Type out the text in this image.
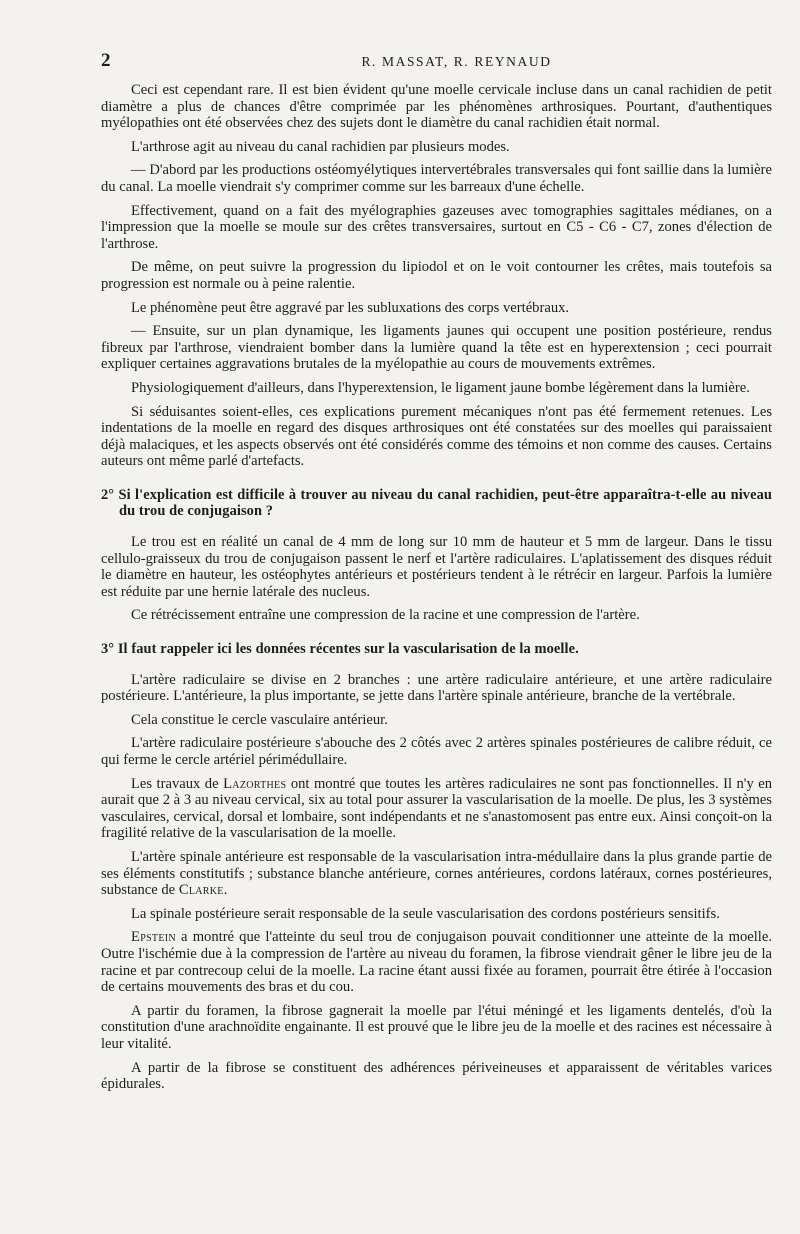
2	R. MASSAT, R. REYNAUD

Ceci est cependant rare. Il est bien évident qu'une moelle cervicale incluse dans un canal rachidien de petit diamètre a plus de chances d'être comprimée par les phénomènes arthrosiques. Pourtant, d'authentiques myélopathies ont été observées chez des sujets dont le diamètre du canal rachidien était normal.

L'arthrose agit au niveau du canal rachidien par plusieurs modes.

— D'abord par les productions ostéomyélytiques intervertébrales transversales qui font saillie dans la lumière du canal. La moelle viendrait s'y comprimer comme sur les barreaux d'une échelle.

Effectivement, quand on a fait des myélographies gazeuses avec tomographies sagittales médianes, on a l'impression que la moelle se moule sur des crêtes transversaires, surtout en C5 - C6 - C7, zones d'élection de l'arthrose.

De même, on peut suivre la progression du lipiodol et on le voit contourner les crêtes, mais toutefois sa progression est normale ou à peine ralentie.

Le phénomène peut être aggravé par les subluxations des corps vertébraux.

— Ensuite, sur un plan dynamique, les ligaments jaunes qui occupent une position postérieure, rendus fibreux par l'arthrose, viendraient bomber dans la lumière quand la tête est en hyperextension ; ceci pourrait expliquer certaines aggravations brutales de la myélopathie au cours de mouvements extrêmes.

Physiologiquement d'ailleurs, dans l'hyperextension, le ligament jaune bombe légèrement dans la lumière.

Si séduisantes soient-elles, ces explications purement mécaniques n'ont pas été fermement retenues. Les indentations de la moelle en regard des disques arthrosiques ont été constatées sur des moelles qui paraissaient déjà malaciques, et les aspects observés ont été considérés comme des témoins et non comme des causes. Certains auteurs ont même parlé d'artefacts.

2° Si l'explication est difficile à trouver au niveau du canal rachidien, peut-être apparaîtra-t-elle au niveau du trou de conjugaison ?

Le trou est en réalité un canal de 4 mm de long sur 10 mm de hauteur et 5 mm de largeur. Dans le tissu cellulo-graisseux du trou de conjugaison passent le nerf et l'artère radiculaires. L'aplatissement des disques réduit le diamètre en hauteur, les ostéophytes antérieurs et postérieurs tendent à le rétrécir en largeur. Parfois la lumière est réduite par une hernie latérale des nucleus.

Ce rétrécissement entraîne une compression de la racine et une compression de l'artère.

3° Il faut rappeler ici les données récentes sur la vascularisation de la moelle.

L'artère radiculaire se divise en 2 branches : une artère radiculaire antérieure, et une artère radiculaire postérieure. L'antérieure, la plus importante, se jette dans l'artère spinale antérieure, branche de la vertébrale.

Cela constitue le cercle vasculaire antérieur.

L'artère radiculaire postérieure s'abouche des 2 côtés avec 2 artères spinales postérieures de calibre réduit, ce qui ferme le cercle artériel périmédullaire.

Les travaux de Lazorthes ont montré que toutes les artères radiculaires ne sont pas fonctionnelles. Il n'y en aurait que 2 à 3 au niveau cervical, six au total pour assurer la vascularisation de la moelle. De plus, les 3 systèmes vasculaires, cervical, dorsal et lombaire, sont indépendants et ne s'anastomosent pas entre eux. Ainsi conçoit-on la fragilité relative de la vascularisation de la moelle.

L'artère spinale antérieure est responsable de la vascularisation intra-médullaire dans la plus grande partie de ses éléments constitutifs ; substance blanche antérieure, cornes antérieures, cordons latéraux, cornes postérieures, substance de Clarke.

La spinale postérieure serait responsable de la seule vascularisation des cordons postérieurs sensitifs.

Epstein a montré que l'atteinte du seul trou de conjugaison pouvait conditionner une atteinte de la moelle. Outre l'ischémie due à la compression de l'artère au niveau du foramen, la fibrose viendrait gêner le libre jeu de la racine et par contrecoup celui de la moelle. La racine étant aussi fixée au foramen, pourrait être étirée à l'occasion de certains mouvements des bras et du cou.

A partir du foramen, la fibrose gagnerait la moelle par l'étui méningé et les ligaments dentelés, d'où la constitution d'une arachnoïdite engainante. Il est prouvé que le libre jeu de la moelle et des racines est nécessaire à leur vitalité.

A partir de la fibrose se constituent des adhérences périveineuses et apparaissent de véritables varices épidurales.
